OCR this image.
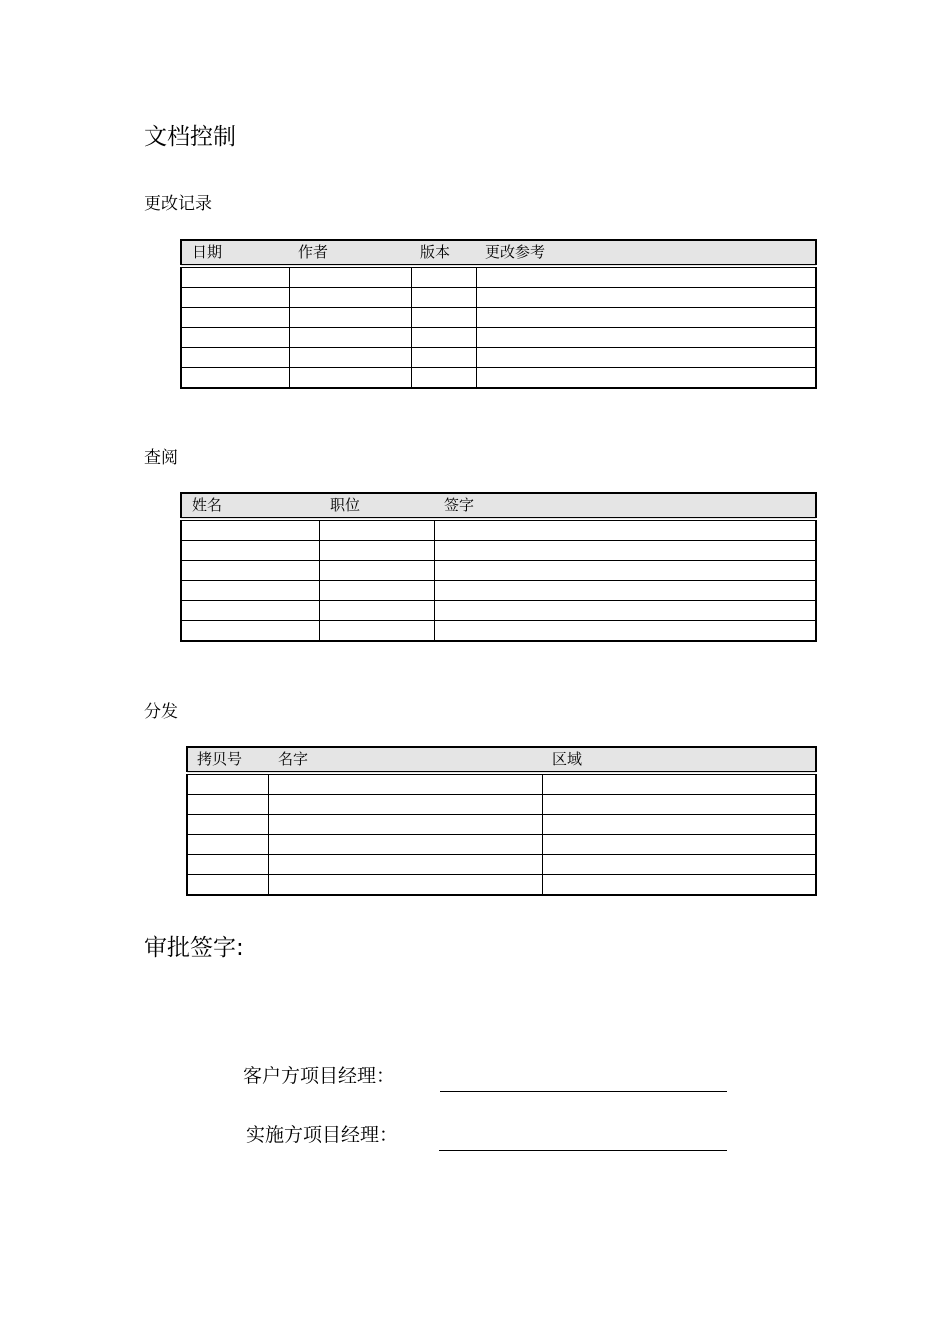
文档控制
更改记录
日期 作者 版本 更改参考			

查阅
姓名 职位 签字		

分发
拷贝号 名字 区域		

审批签字:
客户方项目经理：
实施方项目经理：
